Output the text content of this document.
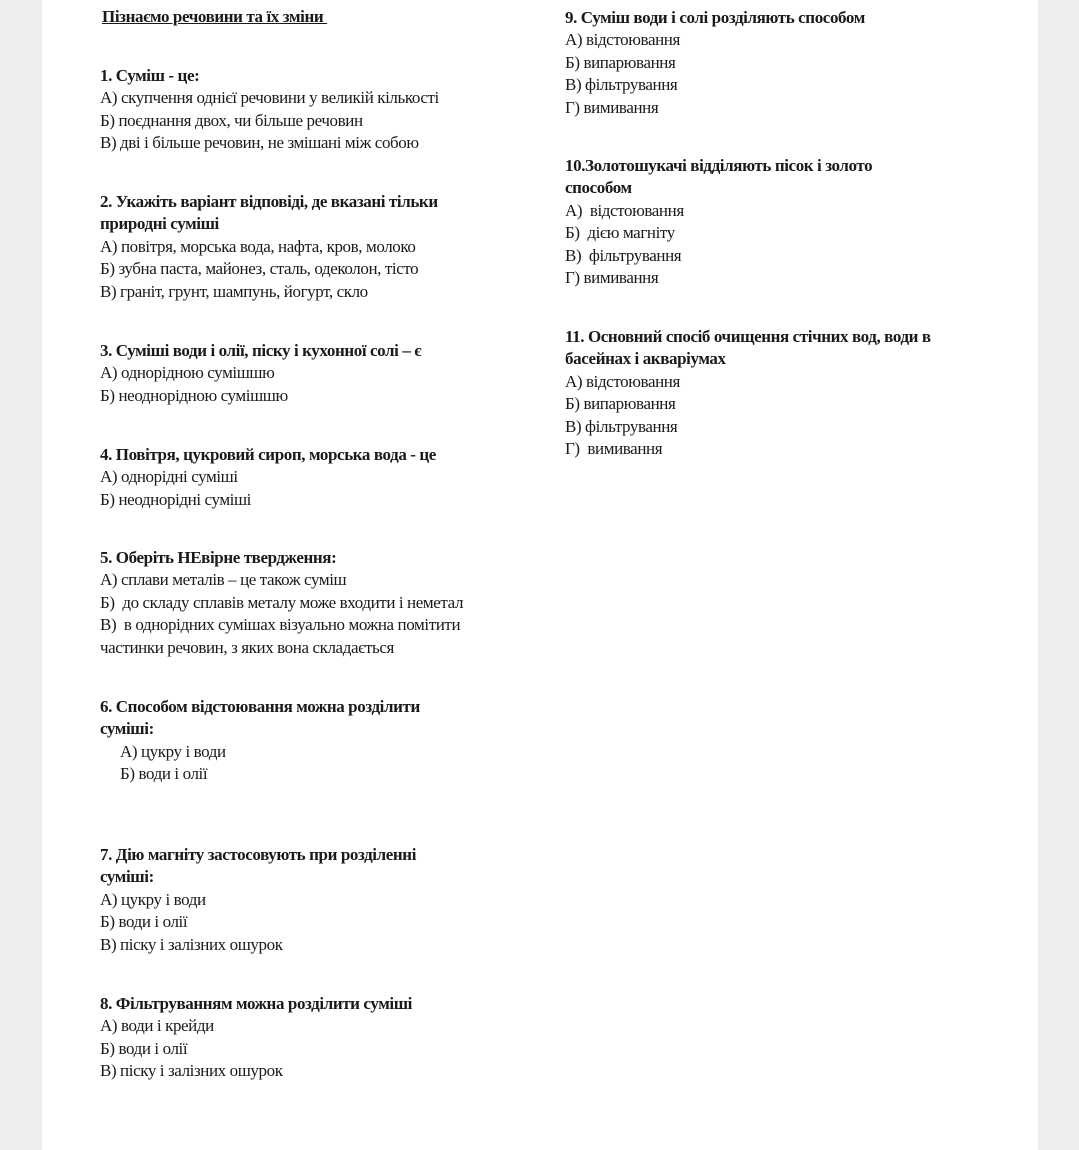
Пізнаємо речовини та їх зміни
1. Суміш - це:
А) скупчення однієї речовини у великій кількості
Б) поєднання двох, чи більше речовин
В) дві і більше речовин, не змішані між собою
2. Укажіть варіант відповіді, де вказані тільки природні суміші
А) повітря, морська вода, нафта, кров, молоко
Б) зубна паста, майонез, сталь, одеколон, тісто
В) граніт, грунт, шампунь, йогурт, скло
3. Суміші води і олії, піску і кухонної солі – є
А) однорідною сумішшю
Б) неоднорідною сумішшю
4. Повітря, цукровий сироп, морська вода - це
А) однорідні суміші
Б) неоднорідні суміші
5. Оберіть НЕвірне твердження:
А) сплави металів – це також суміш
Б)  до складу сплавів металу може входити і неметал
В)  в однорідних сумішах візуально можна помітити частинки речовин, з яких вона складається
6. Способом відстоювання можна розділити суміші:
А) цукру і води
Б) води і олії
7. Дію магніту застосовують при розділенні суміші:
А) цукру і води
Б) води і олії
В) піску і залізних ошурок
8. Фільтруванням можна розділити суміші
А) води і крейди
Б) води і олії
В) піску і залізних ошурок
9. Суміш води і солі розділяють способом
А) відстоювання
Б) випарювання
В) фільтрування
Г) вимивання
10.Золотошукачі відділяють пісок і золото способом
А)  відстоювання
Б)  дією магніту
В)  фільтрування
Г) вимивання
11. Основний спосіб очищення стічних вод, води в басейнах і акваріумах
А) відстоювання
Б) випарювання
В) фільтрування
Г)  вимивання
